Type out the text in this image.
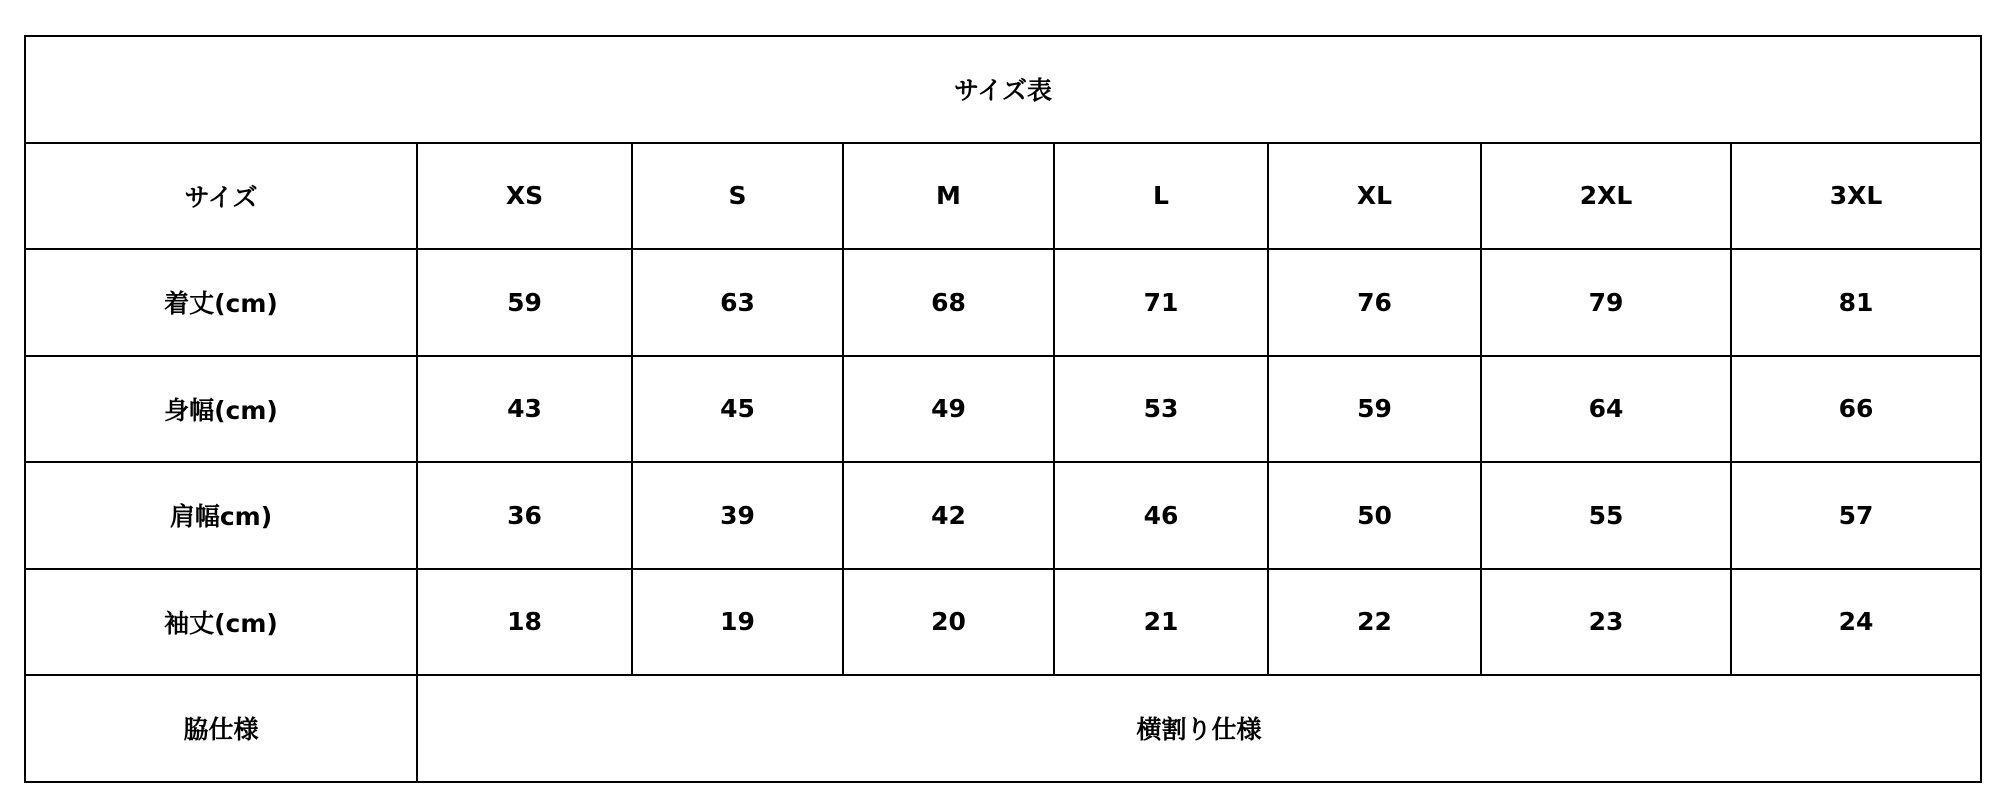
サイズ表							
サイズ	XS	S	M	L	XL	2XL	3XL
着丈(cm)	59	63	68	71	76	79	81
身幅(cm)	43	45	49	53	59	64	66
肩幅cm)	36	39	42	46	50	55	57
袖丈(cm)	18	19	20	21	22	23	24
脇仕様	横割り仕様						
